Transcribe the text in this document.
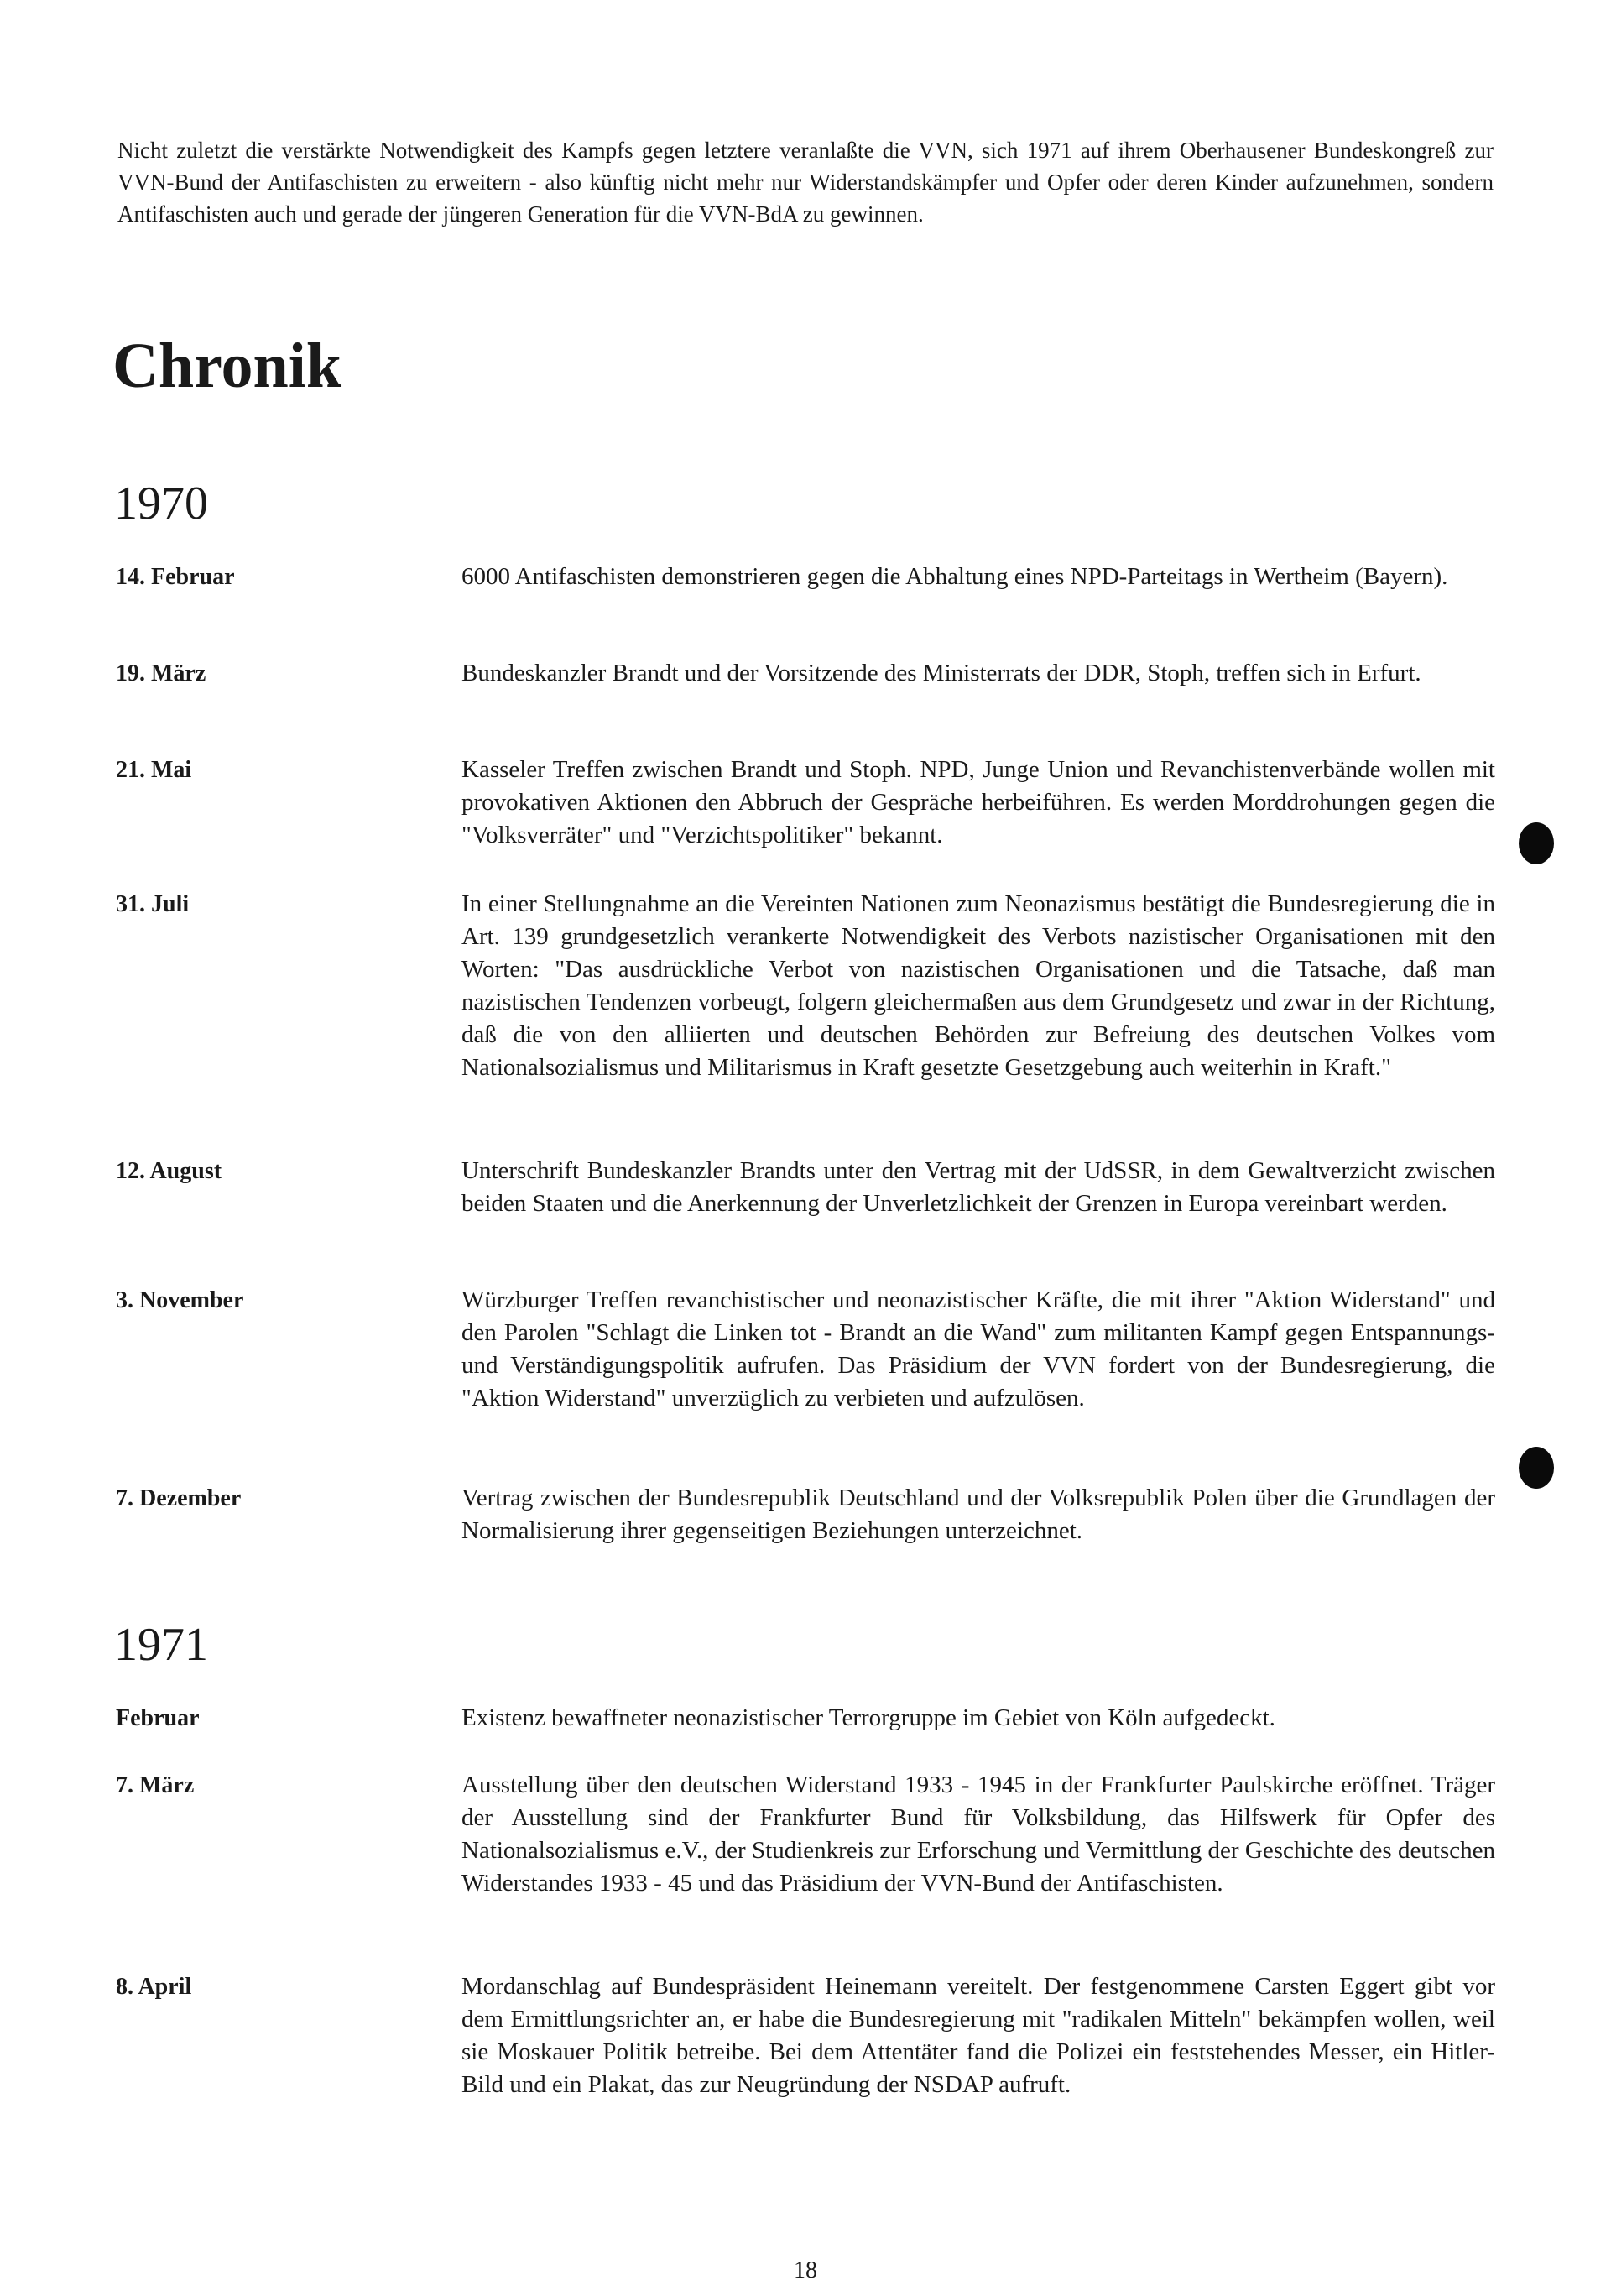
Nicht zuletzt die verstärkte Notwendigkeit des Kampfs gegen letztere veranlaßte die VVN, sich 1971 auf ihrem Oberhausener Bundeskongreß zur VVN-Bund der Antifaschisten zu erweitern - also künftig nicht mehr nur Widerstandskämpfer und Opfer oder deren Kinder aufzunehmen, sondern Antifaschisten auch und gerade der jüngeren Generation für die VVN-BdA zu gewinnen.
Chronik
1970
14. Februar	6000 Antifaschisten demonstrieren gegen die Abhaltung eines NPD-Parteitags in Wertheim (Bayern).
19. März	Bundeskanzler Brandt und der Vorsitzende des Ministerrats der DDR, Stoph, treffen sich in Erfurt.
21. Mai	Kasseler Treffen zwischen Brandt und Stoph. NPD, Junge Union und Revanchistenverbände wollen mit provokativen Aktionen den Abbruch der Gespräche herbeiführen. Es werden Morddrohungen gegen die "Volksverräter" und "Verzichtspolitiker" bekannt.
31. Juli	In einer Stellungnahme an die Vereinten Nationen zum Neonazismus bestätigt die Bundesregierung die in Art. 139 grundgesetzlich verankerte Notwendigkeit des Verbots nazistischer Organisationen mit den Worten: "Das ausdrückliche Verbot von nazistischen Organisationen und die Tatsache, daß man nazistischen Tendenzen vorbeugt, folgern gleichermaßen aus dem Grundgesetz und zwar in der Richtung, daß die von den alliierten und deutschen Behörden zur Befreiung des deutschen Volkes vom Nationalsozialismus und Militarismus in Kraft gesetzte Gesetzgebung auch weiterhin in Kraft."
12. August	Unterschrift Bundeskanzler Brandts unter den Vertrag mit der UdSSR, in dem Gewaltverzicht zwischen beiden Staaten und die Anerkennung der Unverletzlichkeit der Grenzen in Europa vereinbart werden.
3. November	Würzburger Treffen revanchistischer und neonazistischer Kräfte, die mit ihrer "Aktion Widerstand" und den Parolen "Schlagt die Linken tot - Brandt an die Wand" zum militanten Kampf gegen Entspannungs- und Verständigungspolitik aufrufen. Das Präsidium der VVN fordert von der Bundesregierung, die "Aktion Widerstand" unverzüglich zu verbieten und aufzulösen.
7. Dezember	Vertrag zwischen der Bundesrepublik Deutschland und der Volksrepublik Polen über die Grundlagen der Normalisierung ihrer gegenseitigen Beziehungen unterzeichnet.
1971
Februar	Existenz bewaffneter neonazistischer Terrorgruppe im Gebiet von Köln aufgedeckt.
7. März	Ausstellung über den deutschen Widerstand 1933 - 1945 in der Frankfurter Paulskirche eröffnet. Träger der Ausstellung sind der Frankfurter Bund für Volksbildung, das Hilfswerk für Opfer des Nationalsozialismus e.V., der Studienkreis zur Erforschung und Vermittlung der Geschichte des deutschen Widerstandes 1933 - 45 und das Präsidium der VVN-Bund der Antifaschisten.
8. April	Mordanschlag auf Bundespräsident Heinemann vereitelt. Der festgenommene Carsten Eggert gibt vor dem Ermittlungsrichter an, er habe die Bundesregierung mit "radikalen Mitteln" bekämpfen wollen, weil sie Moskauer Politik betreibe. Bei dem Attentäter fand die Polizei ein feststehendes Messer, ein Hitler-Bild und ein Plakat, das zur Neugründung der NSDAP aufruft.
18
